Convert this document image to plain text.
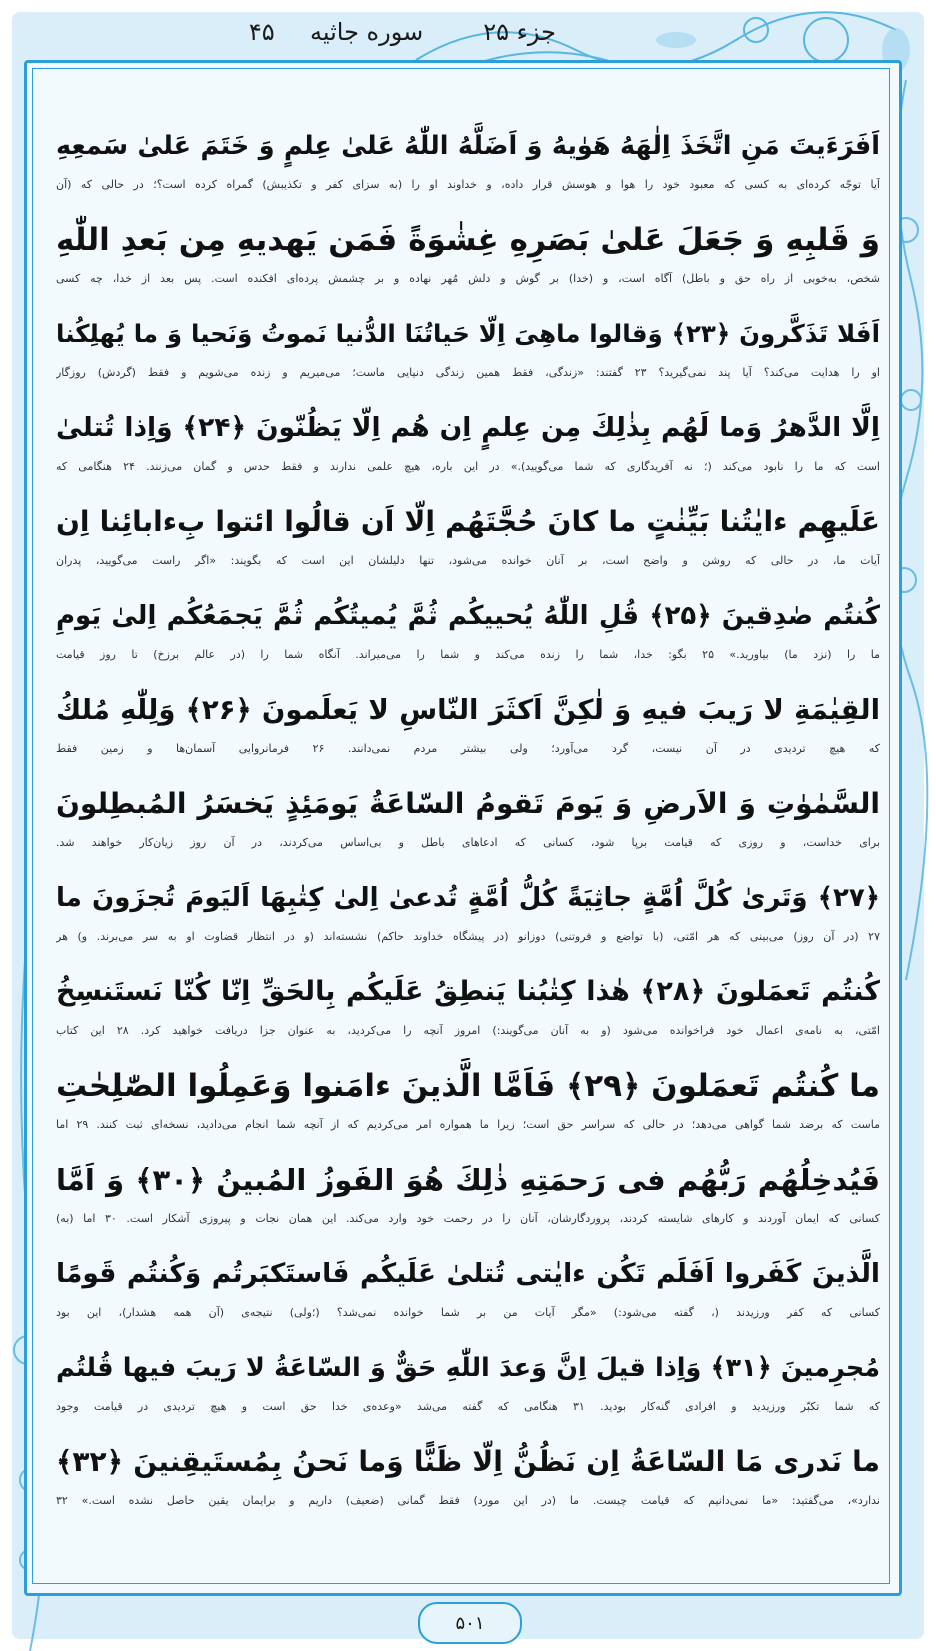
جزء ۲۵
سوره جاثیه  ۴۵
اَفَرَءَيتَ مَنِ اتَّخَذَ اِلٰهَهُ هَوٰيهُ وَ اَضَلَّهُ اللّٰهُ عَلىٰ عِلمٍ وَ خَتَمَ عَلىٰ سَمعِهِ
آیا توجّه کرده‌ای به کسی که معبود خود را هوا و هوسش قرار داده، و خداوند او را (به سزای کفر و تکذیبش) گمراه کرده است؟؛ در حالی که (آن
وَ قَلبِهِ وَ جَعَلَ عَلىٰ بَصَرِهِ غِشٰوَةً فَمَن يَهديهِ مِن بَعدِ اللّٰهِ
شخص، به‌خوبی از راه حق و باطل) آگاه است، و (خدا) بر گوش و دلش مُهر نهاده و بر چشمش پرده‌ای افکنده است. پس بعد از خدا، چه کسی
اَفَلا تَذَكَّرونَ ﴿۲۳﴾ وَقالوا ماهِىَ اِلّا حَياتُنَا الدُّنيا نَموتُ وَنَحيا وَ ما يُهلِكُنا
او را هدایت می‌کند؟ آیا پند نمی‌گیرید؟ ۲۳ گفتند: «زندگی، فقط همین زندگی دنیایی ماست؛ می‌میریم و زنده می‌شویم و فقط (گردش) روزگار
اِلَّا الدَّهرُ وَما لَهُم بِذٰلِكَ مِن عِلمٍ اِن هُم اِلّا يَظُنّونَ ﴿۲۴﴾ وَاِذا تُتلىٰ
است که ما را نابود می‌کند (؛ نه آفریدگاری که شما می‌گویید).» در این باره، هیچ علمی ندارند و فقط حدس و گمان می‌زنند. ۲۴ هنگامی که
عَلَيهِم ءايٰتُنا بَيِّنٰتٍ ما كانَ حُجَّتَهُم اِلّا اَن قالُوا ائتوا بِءابائِنا اِن
آیات ما، در حالی که روشن و واضح است، بر آنان خوانده می‌شود، تنها دلیلشان این است که بگویند: «اگر راست می‌گویید، پدران
كُنتُم صٰدِقينَ ﴿۲۵﴾ قُلِ اللّٰهُ يُحييكُم ثُمَّ يُميتُكُم ثُمَّ يَجمَعُكُم اِلىٰ يَومِ
ما را (نزد ما) بیاورید.» ۲۵ بگو: خدا، شما را زنده می‌کند و شما را می‌میراند. آنگاه شما را (در عالم برزخ) تا روز قیامت
القِيٰمَةِ لا رَيبَ فيهِ وَ لٰكِنَّ اَكثَرَ النّاسِ لا يَعلَمونَ ﴿۲۶﴾ وَلِلّٰهِ مُلكُ
که هیچ تردیدی در آن نیست، گرد می‌آورد؛ ولی بیشتر مردم نمی‌دانند. ۲۶ فرمانروایی آسمان‌ها و زمین فقط
السَّمٰوٰتِ وَ الاَرضِ وَ يَومَ تَقومُ السّاعَةُ يَومَئِذٍ يَخسَرُ المُبطِلونَ
برای خداست، و روزی که قیامت برپا شود، کسانی که ادعاهای باطل و بی‌اساس می‌کردند، در آن روز زیان‌کار خواهند شد.
﴿۲۷﴾ وَتَرىٰ كُلَّ اُمَّةٍ جاثِيَةً كُلُّ اُمَّةٍ تُدعىٰ اِلىٰ كِتٰبِهَا اَليَومَ تُجزَونَ ما
۲۷ (در آن روز) می‌بینی که هر امّتی، (با تواضع و فروتنی) دوزانو (در پیشگاه خداوند حاکم) نشسته‌اند (و در انتظار قضاوت او به سر می‌برند. و) هر
كُنتُم تَعمَلونَ ﴿۲۸﴾ هٰذا كِتٰبُنا يَنطِقُ عَلَيكُم بِالحَقِّ اِنّا كُنّا نَستَنسِخُ
امّتی، به نامه‌ی اعمال خود فراخوانده می‌شود (و به آنان می‌گویند:) امروز آنچه را می‌کردید، به عنوان جزا دریافت خواهید کرد. ۲۸ این کتاب
ما كُنتُم تَعمَلونَ ﴿۲۹﴾ فَاَمَّا الَّذينَ ءامَنوا وَعَمِلُوا الصّٰلِحٰتِ
ماست که برضد شما گواهی می‌دهد؛ در حالی که سراسر حق است؛ زیرا ما همواره امر می‌کردیم که از آنچه شما انجام می‌دادید، نسخه‌ای ثبت کنند. ۲۹ اما
فَيُدخِلُهُم رَبُّهُم فى رَحمَتِهِ ذٰلِكَ هُوَ الفَوزُ المُبينُ ﴿۳۰﴾ وَ اَمَّا
کسانی که ایمان آوردند و کارهای شایسته کردند، پروردگارشان، آنان را در رحمت خود وارد می‌کند. این همان نجات و پیروزی آشکار است. ۳۰ اما (به)
الَّذينَ كَفَروا اَفَلَم تَكُن ءايٰتى تُتلىٰ عَلَيكُم فَاستَكبَرتُم وَكُنتُم قَومًا
کسانی که کفر ورزیدند (، گفته می‌شود:) «مگر آیات من بر شما خوانده نمی‌شد؟ (؛ولی) نتیجه‌ی (آن همه هشدار)، این بود
مُجرِمينَ ﴿۳۱﴾ وَاِذا قيلَ اِنَّ وَعدَ اللّٰهِ حَقٌّ وَ السّاعَةُ لا رَيبَ فيها قُلتُم
که شما تکبّر ورزیدید و افرادی گنه‌کار بودید. ۳۱ هنگامی که گفته می‌شد «وعده‌ی خدا حق است و هیچ تردیدی در قیامت وجود
ما نَدرى مَا السّاعَةُ اِن نَظُنُّ اِلّا ظَنًّا وَما نَحنُ بِمُستَيقِنينَ ﴿۳۲﴾
ندارد»، می‌گفتید: «ما نمی‌دانیم که قیامت چیست. ما (در این مورد) فقط گمانی (ضعیف) داریم و برایمان یقین حاصل نشده است.» ۳۲
۵۰۱
